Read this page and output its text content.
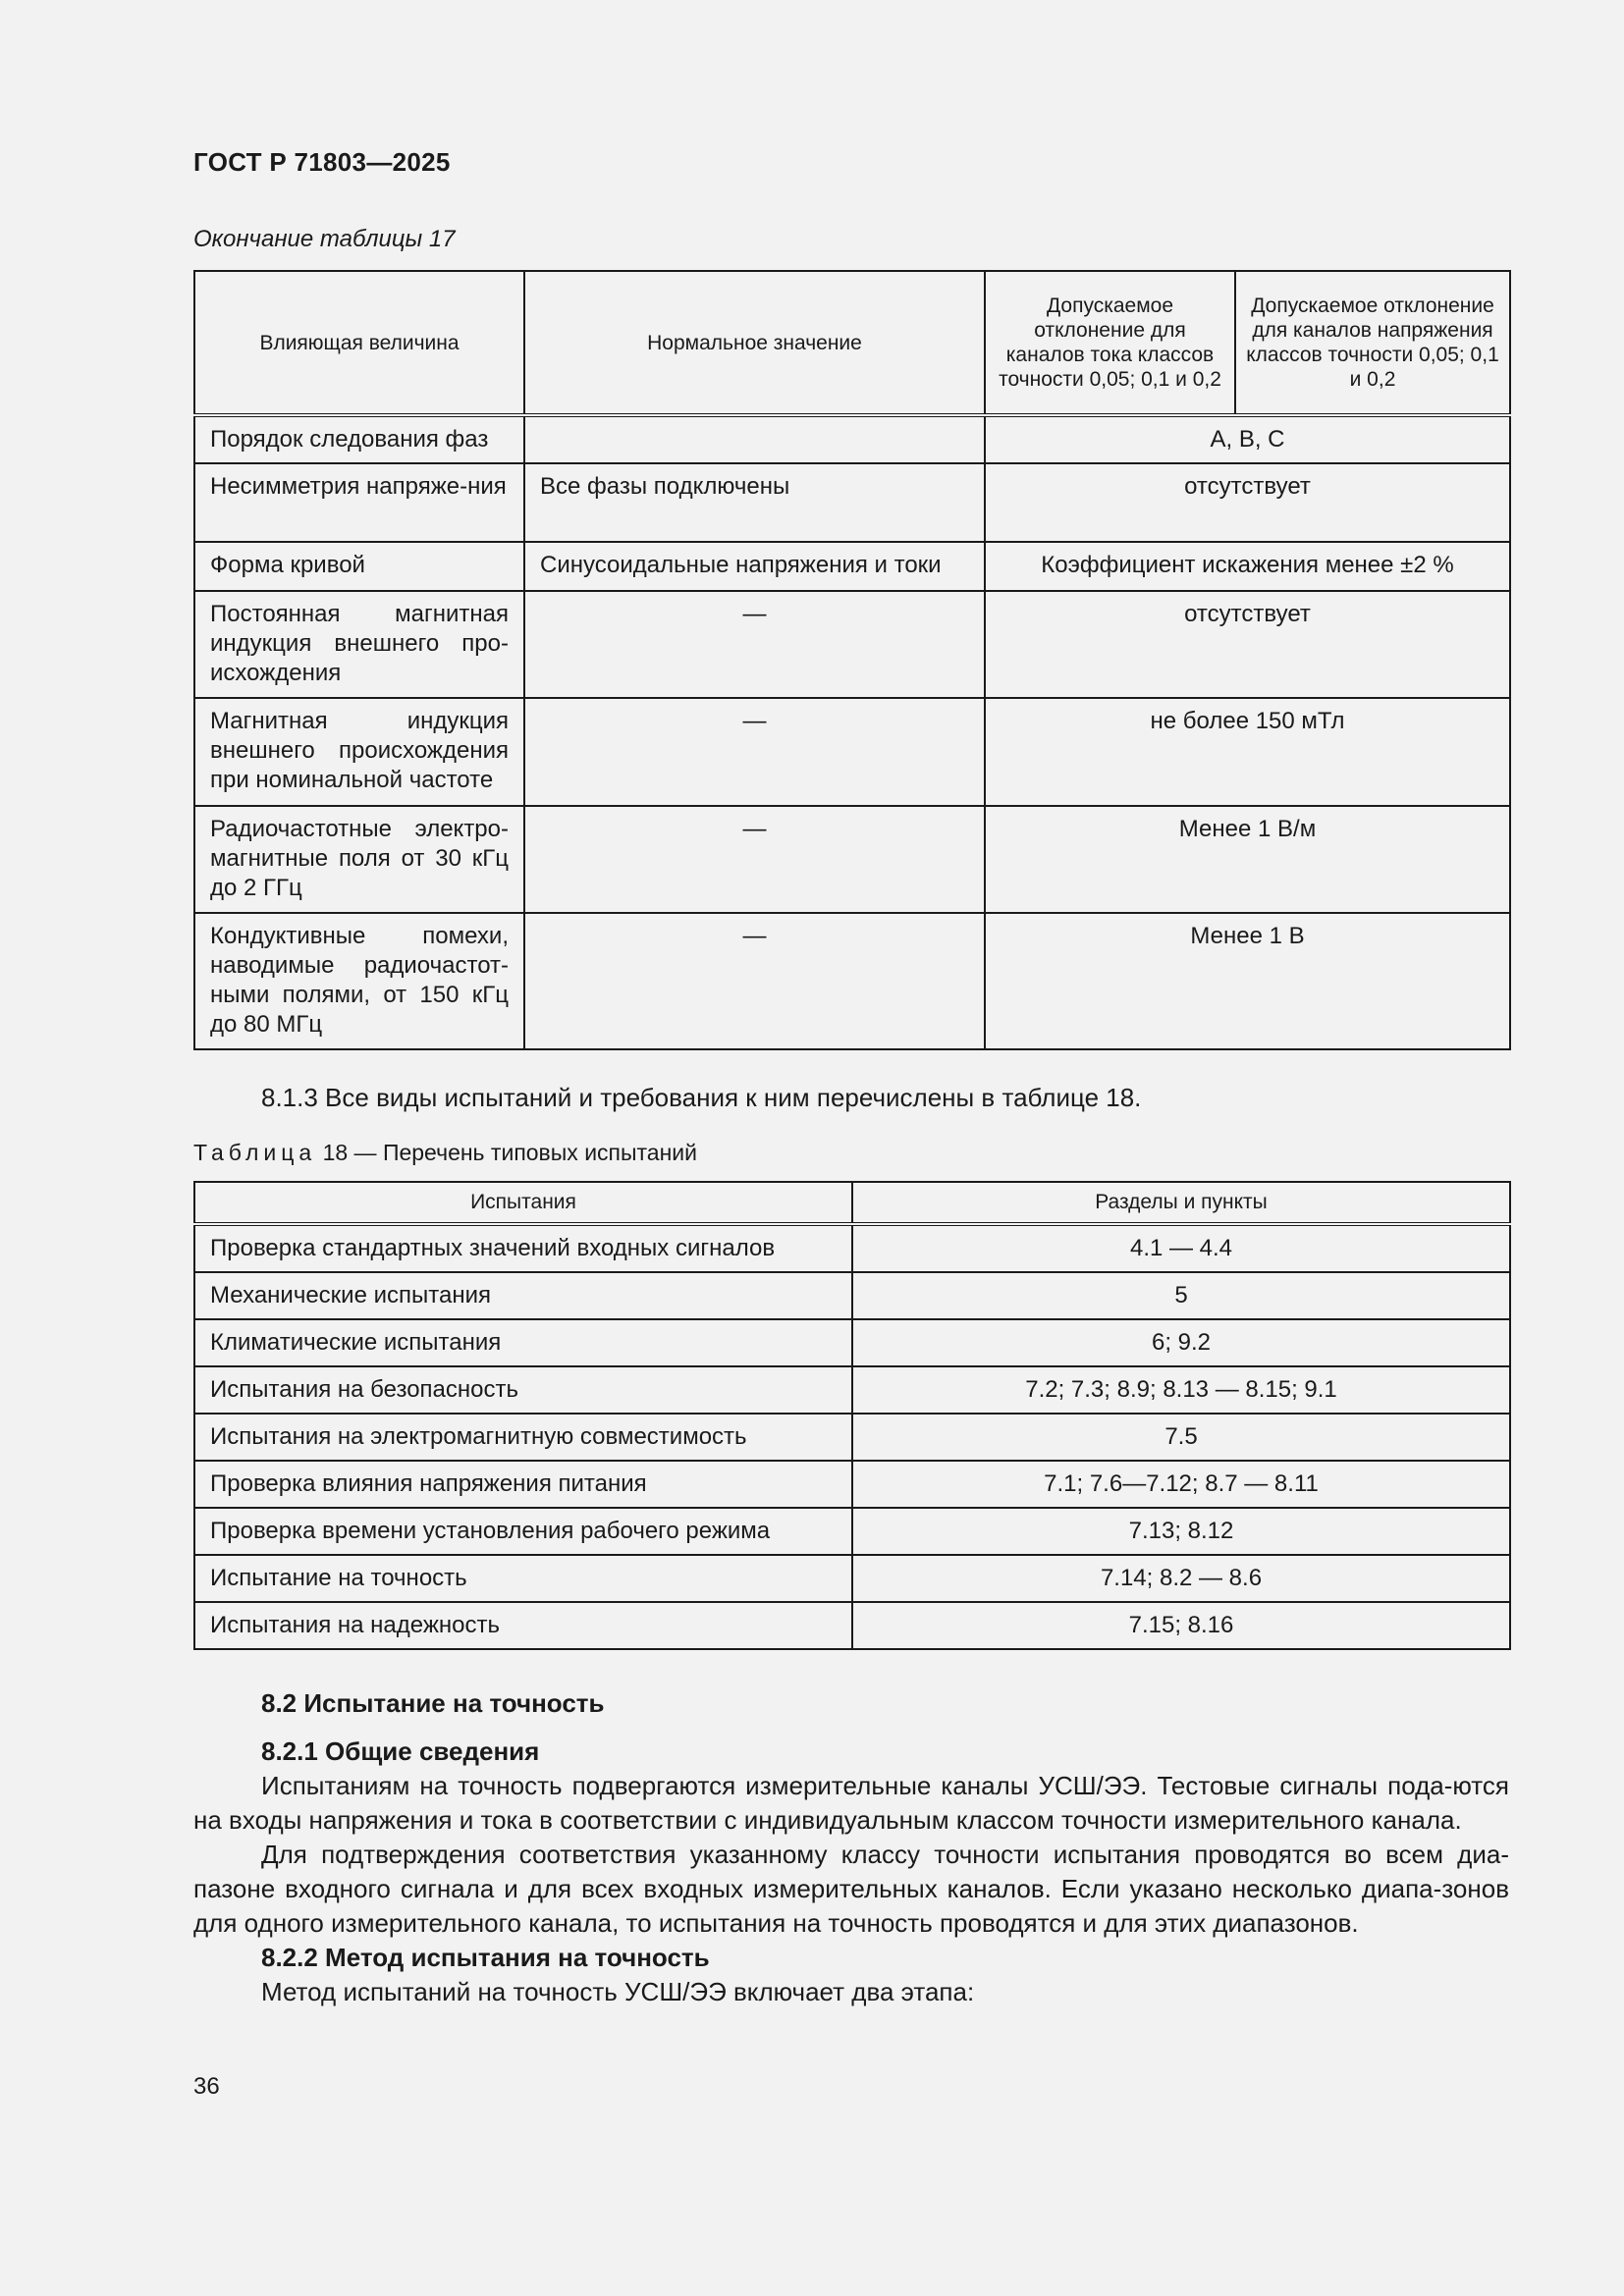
ГОСТ Р 71803—2025
Окончание таблицы 17
Влияющая величина	Нормальное значение	Допускаемое отклонение для каналов тока классов точности 0,05; 0,1 и 0,2	Допускаемое отклонение для каналов напряжения классов точности 0,05; 0,1 и 0,2
Порядок следования фаз		А, В, С	
Несимметрия напряже-ния	Все фазы подключены	отсутствует	
Форма кривой	Синусоидальные напряжения и токи	Коэффициент искажения менее ±2 %	
Постоянная магнитная индукция внешнего про-исхождения	—	отсутствует	
Магнитная индукция внешнего происхождения при номинальной частоте	—	не более 150 мТл	
Радиочастотные электро-магнитные поля от 30 кГц до 2 ГГц	—	Менее 1 В/м	
Кондуктивные помехи, наводимые радиочастот-ными полями, от 150 кГц до 80 МГц	—	Менее 1 В	
8.1.3 Все виды испытаний и требования к ним перечислены в таблице 18.
Таблица 18 — Перечень типовых испытаний
Испытания	Разделы и пункты
Проверка стандартных значений входных сигналов	4.1 — 4.4
Механические испытания	5
Климатические испытания	6; 9.2
Испытания на безопасность	7.2; 7.3; 8.9; 8.13 — 8.15; 9.1
Испытания на электромагнитную совместимость	7.5
Проверка влияния напряжения питания	7.1; 7.6—7.12; 8.7 — 8.11
Проверка времени установления рабочего режима	7.13; 8.12
Испытание на точность	7.14; 8.2 — 8.6
Испытания на надежность	7.15; 8.16

8.2 Испытание на точность

8.2.1 Общие сведения

Испытаниям на точность подвергаются измерительные каналы УСШ/ЭЭ. Тестовые сигналы пода-ются на входы напряжения и тока в соответствии с индивидуальным классом точности измерительного канала.

Для подтверждения соответствия указанному классу точности испытания проводятся во всем диа-пазоне входного сигнала и для всех входных измерительных каналов. Если указано несколько диапа-зонов для одного измерительного канала, то испытания на точность проводятся и для этих диапазонов.

8.2.2 Метод испытания на точность

Метод испытаний на точность УСШ/ЭЭ включает два этапа:

36
